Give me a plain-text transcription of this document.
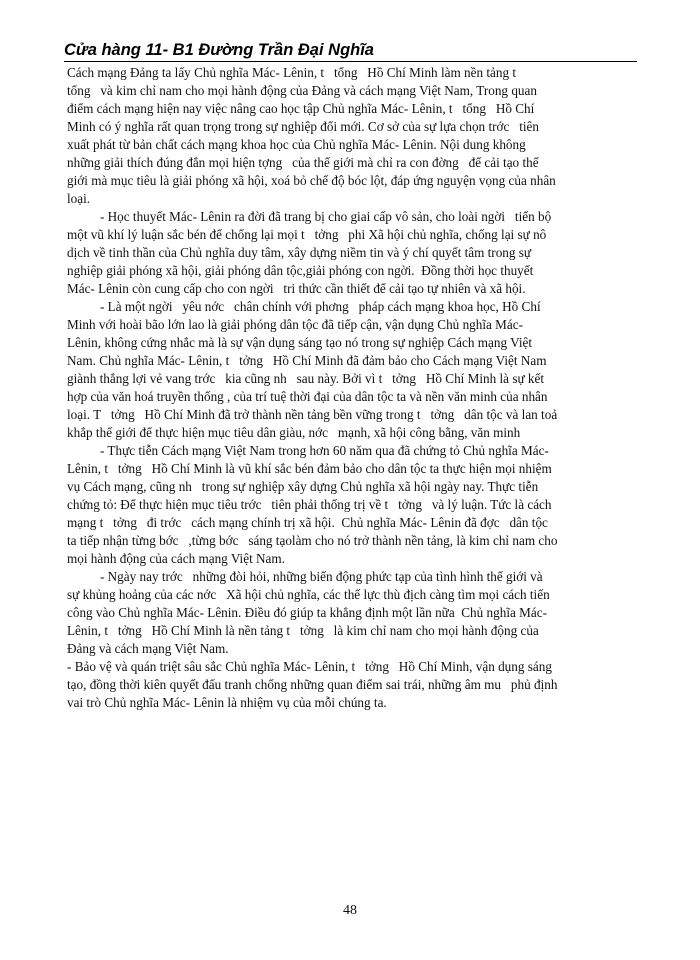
Cửa hàng 11- B1 Đường Trần Đại Nghĩa
Cách mạng Đảng ta lấy Chủ nghĩa Mác- Lênin, t   tổng   Hồ Chí Minh làm nền tảng t
tổng   và kim chỉ nam cho mọi hành động của Đảng và cách mạng Việt Nam, Trong quan
điểm cách mạng hiện nay việc nâng cao học tập Chủ nghĩa Mác- Lênin, t   tổng   Hồ Chí
Minh có ý nghĩa rất quan trọng trong sự nghiệp đổi mới. Cơ sở của sự lựa chọn trớc   tiên
xuất phát từ bản chất cách mạng khoa học của Chủ nghĩa Mác- Lênin. Nội dung không
những giải thích đúng đắn mọi hiện tợng   của thế giới mà chỉ ra con đờng   để cải tạo thế
giới mà mục tiêu là giải phóng xã hội, xoá bỏ chế độ bóc lột, đáp ứng nguyện vọng của nhân
loại.
- Học thuyết Mác- Lênin ra đời đã trang bị cho giai cấp vô sản, cho loài ngời   tiến bộ
một vũ khí lý luận sắc bén để chống lại mọi t   tởng   phi Xã hội chủ nghĩa, chống lại sự nô
dịch về tinh thần của Chủ nghĩa duy tâm, xây dựng niềm tin và ý chí quyết tâm trong sự
nghiệp giải phóng xã hội, giải phóng dân tộc,giải phóng con ngời.  Đồng thời học thuyết
Mác- Lênin còn cung cấp cho con ngời   tri thức cần thiết để cải tạo tự nhiên và xã hội.
- Là một ngời   yêu nớc   chân chính với phơng   pháp cách mạng khoa học, Hồ Chí
Minh với hoài bão lớn lao là giải phóng dân tộc đã tiếp cận, vận dụng Chủ nghĩa Mác-
Lênin, không cứng nhắc mà là sự vận dụng sáng tạo nó trong sự nghiệp Cách mạng Việt
Nam. Chủ nghĩa Mác- Lênin, t   tởng   Hồ Chí Minh đã đảm bảo cho Cách mạng Việt Nam
giành thắng lợi vẻ vang trớc   kia cũng nh   sau này. Bởi vì t   tởng   Hồ Chí Minh là sự kết
hợp của văn hoá truyền thống , của trí tuệ thời đại của dân tộc ta và nền văn minh của nhân
loại. T   tởng   Hồ Chí Minh đã trở thành nền tảng bền vững trong t   tởng   dân tộc và lan toả
khắp thế giới để thực hiện mục tiêu dân giàu, nớc   mạnh, xã hội công bằng, văn minh
- Thực tiễn Cách mạng Việt Nam trong hơn 60 năm qua đã chứng tỏ Chủ nghĩa Mác-
Lênin, t   tởng   Hồ Chí Minh là vũ khí sắc bén đảm bảo cho dân tộc ta thực hiện mọi nhiệm
vụ Cách mạng, cũng nh   trong sự nghiệp xây dựng Chủ nghĩa xã hội ngày nay. Thực tiễn
chứng tỏ: Để thực hiện mục tiêu trớc   tiên phải thống trị về t   tởng   và lý luận. Tức là cách
mạng t   tởng   đi trớc   cách mạng chính trị xã hội.  Chủ nghĩa Mác- Lênin đã đợc   dân tộc
ta tiếp nhận từng bớc   ,từng bớc   sáng tạolàm cho nó trở thành nền tảng, là kim chỉ nam cho
mọi hành động của cách mạng Việt Nam.
- Ngày nay trớc   những đòi hỏi, những biến động phức tạp của tình hình thế giới và
sự khủng hoảng của các nớc   Xã hội chủ nghĩa, các thế lực thù địch càng tìm mọi cách tiến
công vào Chủ nghĩa Mác- Lênin. Điều đó giúp ta khẳng định một lần nữa  Chủ nghĩa Mác-
Lênin, t   tởng   Hồ Chí Minh là nền tảng t   tởng   là kim chỉ nam cho mọi hành động của
Đảng và cách mạng Việt Nam.
- Bảo vệ và quán triệt sâu sắc Chủ nghĩa Mác- Lênin, t   tởng   Hồ Chí Minh, vận dụng sáng
tạo, đồng thời kiên quyết đấu tranh chống những quan điểm sai trái, những âm mu   phủ định
vai trò Chủ nghĩa Mác- Lênin là nhiệm vụ của mỗi chúng ta.
48
